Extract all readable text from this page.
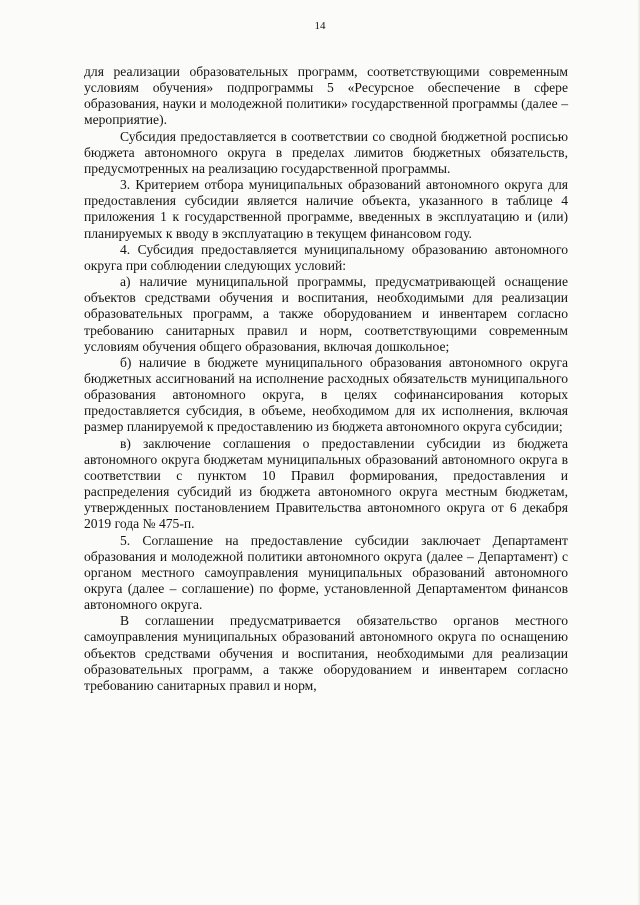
14

для реализации образовательных программ, соответствующими современным условиям обучения» подпрограммы 5 «Ресурсное обеспечение в сфере образования, науки и молодежной политики» государственной программы (далее – мероприятие).

Субсидия предоставляется в соответствии со сводной бюджетной росписью бюджета автономного округа в пределах лимитов бюджетных обязательств, предусмотренных на реализацию государственной программы.

3. Критерием отбора муниципальных образований автономного округа для предоставления субсидии является наличие объекта, указанного в таблице 4 приложения 1 к государственной программе, введенных в эксплуатацию и (или) планируемых к вводу в эксплуатацию в текущем финансовом году.

4. Субсидия предоставляется муниципальному образованию автономного округа при соблюдении следующих условий:

а) наличие муниципальной программы, предусматривающей оснащение объектов средствами обучения и воспитания, необходимыми для реализации образовательных программ, а также оборудованием и инвентарем согласно требованию санитарных правил и норм, соответствующими современным условиям обучения общего образования, включая дошкольное;

б) наличие в бюджете муниципального образования автономного округа бюджетных ассигнований на исполнение расходных обязательств муниципального образования автономного округа, в целях софинансирования которых предоставляется субсидия, в объеме, необходимом для их исполнения, включая размер планируемой к предоставлению из бюджета автономного округа субсидии;

в) заключение соглашения о предоставлении субсидии из бюджета автономного округа бюджетам муниципальных образований автономного округа в соответствии с пунктом 10 Правил формирования, предоставления и распределения субсидий из бюджета автономного округа местным бюджетам, утвержденных постановлением Правительства автономного округа от 6 декабря 2019 года № 475-п.

5. Соглашение на предоставление субсидии заключает Департамент образования и молодежной политики автономного округа (далее – Департамент) с органом местного самоуправления муниципальных образований автономного округа (далее – соглашение) по форме, установленной Департаментом финансов автономного округа.

В соглашении предусматривается обязательство органов местного самоуправления муниципальных образований автономного округа по оснащению объектов средствами обучения и воспитания, необходимыми для реализации образовательных программ, а также оборудованием и инвентарем согласно требованию санитарных правил и норм,
